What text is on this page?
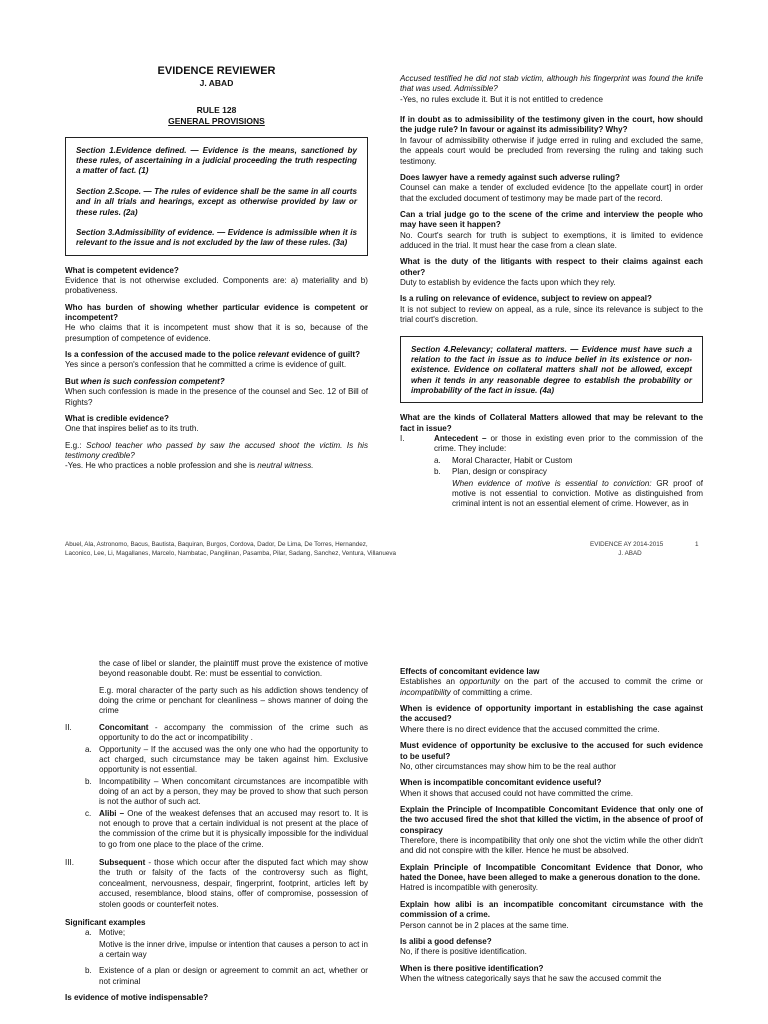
EVIDENCE REVIEWER
J. ABAD
RULE 128
GENERAL PROVISIONS

Section 1.Evidence defined. — Evidence is the means, sanctioned by these rules, of ascertaining in a judicial proceeding the truth respecting a matter of fact. (1)

Section 2.Scope. — The rules of evidence shall be the same in all courts and in all trials and hearings, except as otherwise provided by law or these rules. (2a)

Section 3.Admissibility of evidence. — Evidence is admissible when it is relevant to the issue and is not excluded by the law of these rules. (3a)

What is competent evidence?

Evidence that is not otherwise excluded. Components are: a) materiality and b) probativeness.

Who has burden of showing whether particular evidence is competent or incompetent?

He who claims that it is incompetent must show that it is so, because of the presumption of competence of evidence.

Is a confession of the accused made to the police relevant evidence of guilt?

Yes since a person's confession that he committed a crime is evidence of guilt.

But when is such confession competent?

When such confession is made in the presence of the counsel and Sec. 12 of Bill of Rights?

What is credible evidence?

One that inspires belief as to its truth.

E.g.: School teacher who passed by saw the accused shoot the victim. Is his testimony credible?

-Yes. He who practices a noble profession and she is neutral witness.

Accused testified he did not stab victim, although his fingerprint was found the knife that was used. Admissible?

-Yes, no rules exclude it. But it is not entitled to credence

If in doubt as to admissibility of the testimony given in the court, how should the judge rule? In favour or against its admissibility? Why?

In favour of admissibility otherwise if judge erred in ruling and excluded the same, the appeals court would be precluded from reversing the ruling and taking such testimony.

Does lawyer have a remedy against such adverse ruling?

Counsel can make a tender of excluded evidence [to the appellate court] in order that the excluded document of testimony may be made part of the record.

Can a trial judge go to the scene of the crime and interview the people who may have seen it happen?

No. Court's search for truth is subject to exemptions, it is limited to evidence adduced in the trial. It must hear the case from a clean slate.

What is the duty of the litigants with respect to their claims against each other?

Duty to establish by evidence the facts upon which they rely.

Is a ruling on relevance of evidence, subject to review on appeal?

It is not subject to review on appeal, as a rule, since its relevance is subject to the trial court's discretion.

Section 4.Relevancy; collateral matters. — Evidence must have such a relation to the fact in issue as to induce belief in its existence or non-existence. Evidence on collateral matters shall not be allowed, except when it tends in any reasonable degree to establish the probability or improbability of the fact in issue. (4a)

What are the kinds of Collateral Matters allowed that may be relevant to the fact in issue?

I.	Antecedent – or those in existing even prior to the commission of the crime. They include:
a.	Moral Character, Habit or Custom
b.	Plan, design or conspiracy

When evidence of motive is essential to conviction: GR proof of motive is not essential to conviction. Motive as distinguished from criminal intent is not an essential element of crime. However, as in

Abuel, Ala, Astronomo, Bacus, Bautista, Baquiran, Burgos, Cordova, Dador, De Lima, De Torres, Hernandez,
Laconico, Lee, Li, Magallanes, Marcelo, Nambatac, Pangilinan, Pasamba, Pilar, Sadang, Sanchez, Ventura, Villanueva
EVIDENCE AY 2014-2015
J. ABAD
1

the case of libel or slander, the plaintiff must prove the existence of motive beyond reasonable doubt. Re: must be essential to conviction.

E.g. moral character of the party such as his addiction shows tendency of doing the crime or penchant for cleanliness – shows manner of doing the crime

II.	Concomitant - accompany the commission of the crime such as opportunity to do the act or incompatibility .
a. Opportunity – If the accused was the only one who had the opportunity to act charged, such circumstance may be taken against him. Exclusive opportunity is not essential.
b. Incompatibility – When concomitant circumstances are incompatible with doing of an act by a person, they may be proved to show that such person is not the author of such act.
c. Alibi – One of the weakest defenses that an accused may resort to. It is not enough to prove that a certain individual is not present at the place of the commission of the crime but it is physically impossible for the individual to go from one place to the place of the crime.
III.	Subsequent - those which occur after the disputed fact which may show the truth or falsity of the facts of the controversy such as flight, concealment, nervousness, despair, fingerprint, footprint, articles left by accused, resemblance, blood stains, offer of compromise, possession of stolen goods or counterfeit notes.

Significant examples

a. Motive;

Motive is the inner drive, impulse or intention that causes a person to act in a certain way

b. Existence of a plan or design or agreement to commit an act, whether or not criminal

Is evidence of motive indispensable?

Effects of concomitant evidence law

Establishes an opportunity on the part of the accused to commit the crime or incompatibility of committing a crime.

When is evidence of opportunity important in establishing the case against the accused?

Where there is no direct evidence that the accused committed the crime.

Must evidence of opportunity be exclusive to the accused for such evidence to be useful?

No, other circumstances may show him to be the real author

When is incompatible concomitant evidence useful?

When it shows that accused could not have committed the crime.

Explain the Principle of Incompatible Concomitant Evidence that only one of the two accused fired the shot that killed the victim, in the absence of proof of conspiracy

Therefore, there is incompatibility that only one shot the victim while the other didn't and did not conspire with the killer. Hence he must be absolved.

Explain Principle of Incompatible Concomitant Evidence that Donor, who hated the Donee, have been alleged to make a generous donation to the done.

Hatred is incompatible with generosity.

Explain how alibi is an incompatible concomitant circumstance with the commission of a crime.

Person cannot be in 2 places at the same time.

Is alibi a good defense?

No, if there is positive identification.

When is there positive identification?

When the witness categorically says that he saw the accused commit the
